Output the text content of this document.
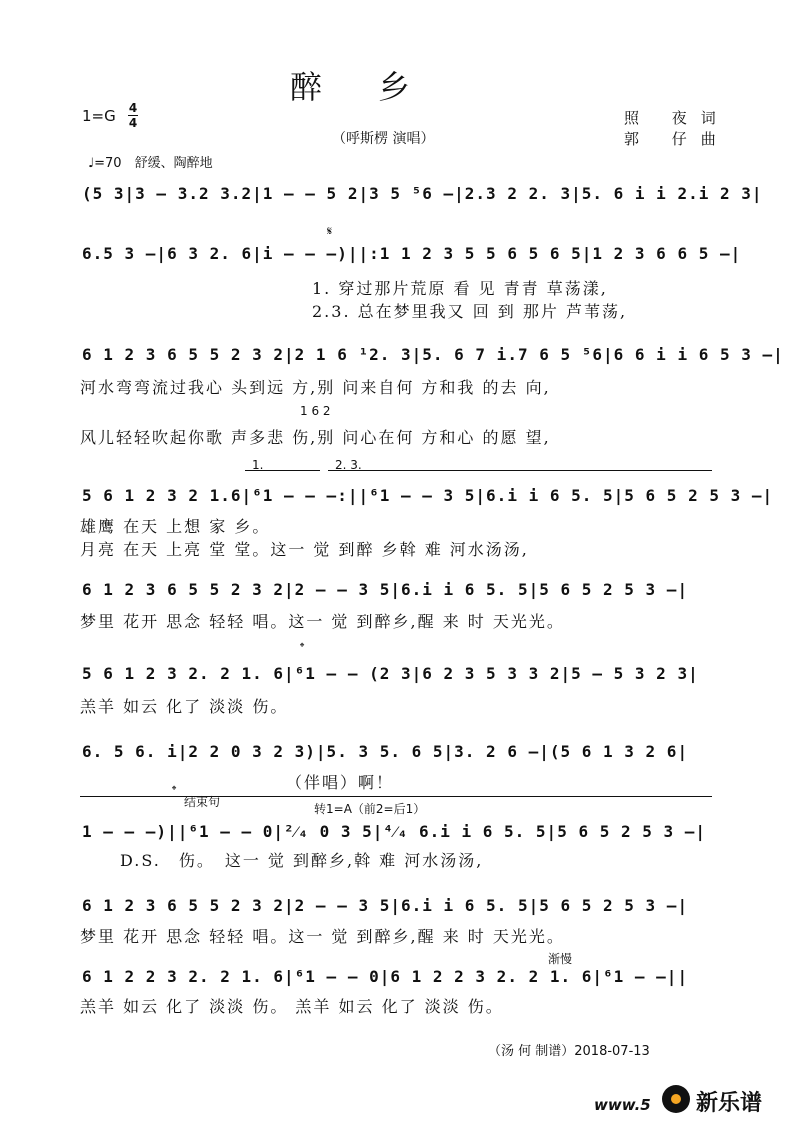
醉　乡
1=G 4
4
（呼斯楞 演唱）
照 夜词
郭 仔曲
♩=70　舒缓、陶醉地
(5 3|3 – 3.2 3.2|1 – – 5 2|3 5 ⁵6 –|2.3 2 2. 3|5. 6 i i 2.i 2 3|
𝄋
6.5 3 –|6 3 2. 6|i – – –)||:1 1 2 3 5 5 6 5 6 5|1 2 3 6 6 5 –|
1. 穿过那片荒原 看 见 青青 草荡漾,
2.3. 总在梦里我又 回 到 那片 芦苇荡,
6 1 2 3 6 5 5 2 3 2|2 1 6 ¹2. 3|5. 6 7 i.7 6 5 ⁵6|6 6 i i 6 5 3 –|
河水弯弯流过我心 头到远 方,别 问来自何 方和我 的去 向,
1 6 2
风儿轻轻吹起你歌 声多悲 伤,别 问心在何 方和心 的愿 望,
1.	2. 3.
5 6 1 2 3 2 1.6|⁶1 – – –:||⁶1 – – 3 5|6.i i 6 5. 5|5 6 5 2 5 3 –|
雄鹰 在天 上想 家 乡。
月亮 在天 上亮 堂 堂。这一 觉 到醉 乡斡 难 河水汤汤,
6 1 2 3 6 5 5 2 3 2|2 – – 3 5|6.i i 6 5. 5|5 6 5 2 5 3 –|
梦里 花开 思念 轻轻 唱。这一 觉 到醉乡,醒 来 时 天光光。
𝄌
5 6 1 2 3 2. 2 1. 6|⁶1 – – (2 3|6 2 3 5 3 3 2|5 – 5 3 2 3|
羔羊 如云 化了 淡淡 伤。
6. 5 6. i|2 2 0 3 2 3)|5. 3 5. 6 5|3. 2 6 –|(5 6 1 3 2 6|
（伴唱）啊！
𝄌
结束句	转1=A（前2=后1）
1 – – –)||⁶1 – – 0|²⁄₄ 0 3 5|⁴⁄₄ 6.i i 6 5. 5|5 6 5 2 5 3 –|
D.S.　伤。　这一 觉 到醉乡,斡 难 河水汤汤,
6 1 2 3 6 5 5 2 3 2|2 – – 3 5|6.i i 6 5. 5|5 6 5 2 5 3 –|
梦里 花开 思念 轻轻 唱。这一 觉 到醉乡,醒 来 时 天光光。
渐慢
6 1 2 2 3 2. 2 1. 6|⁶1 – – 0|6 1 2 2 3 2. 2 1. 6|⁶1 – –||
羔羊 如云 化了 淡淡 伤。 羔羊 如云 化了 淡淡 伤。
（汤 何 制谱）2018-07-13
www.5 新乐谱
